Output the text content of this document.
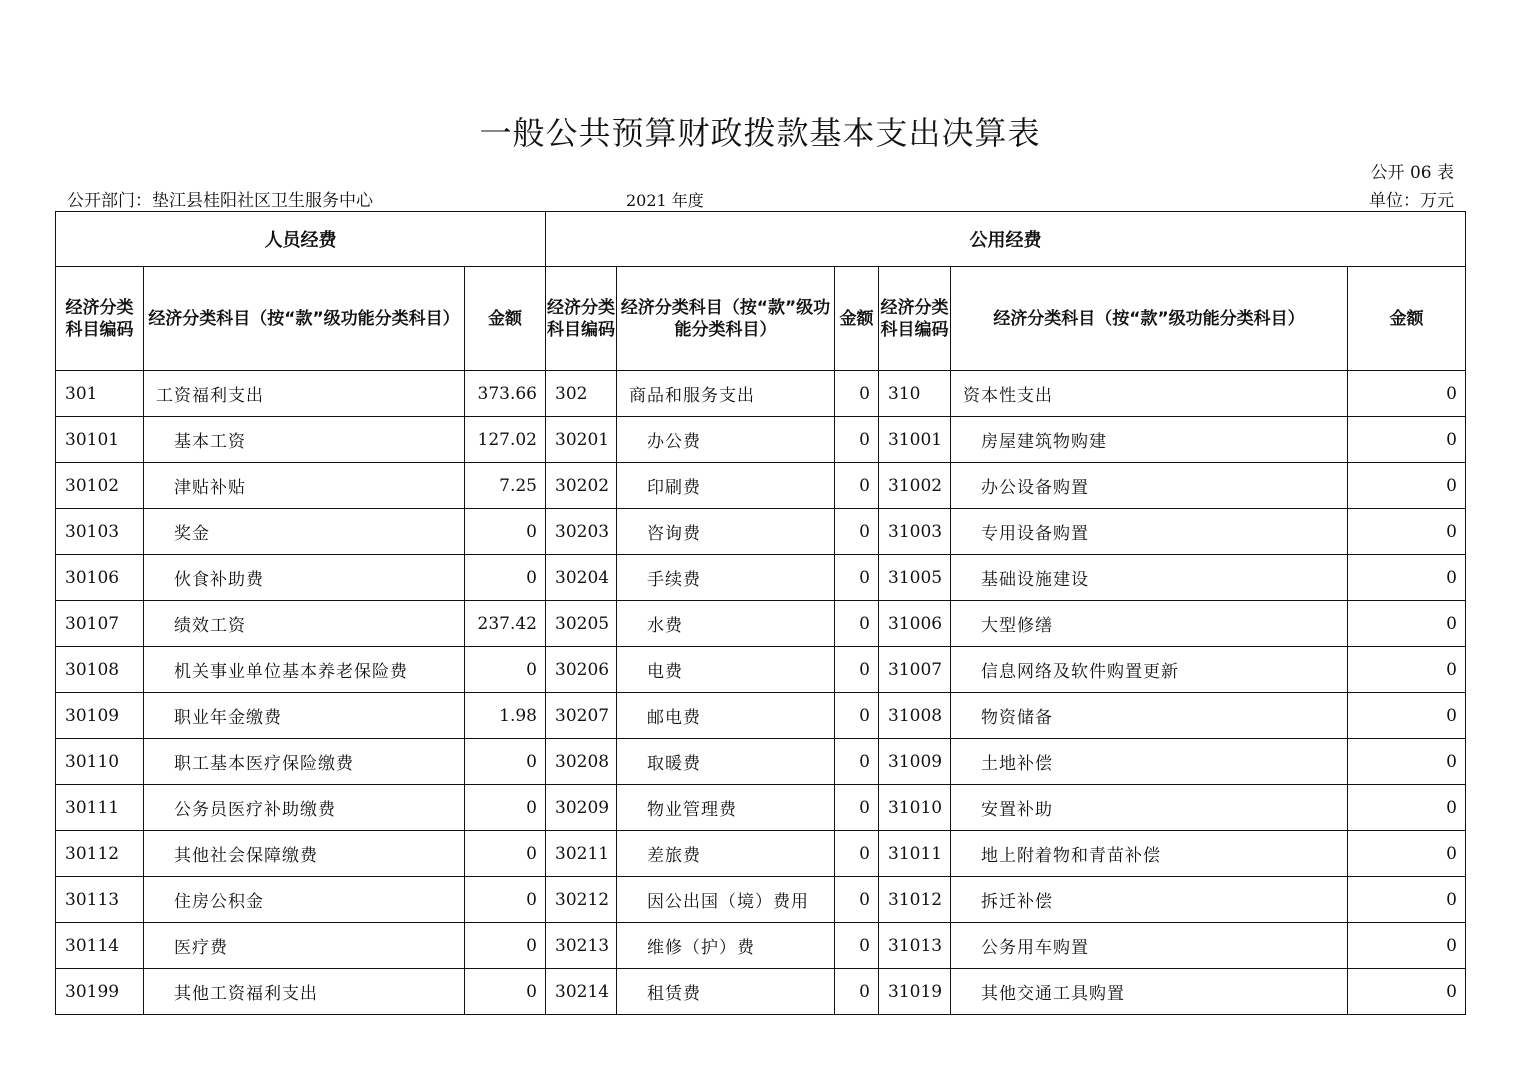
一般公共预算财政拨款基本支出决算表
公开 06 表
公开部门：垫江县桂阳社区卫生服务中心	2021 年度	单位：万元
人员经费			公用经费					
经济分类科目编码	经济分类科目（按“款”级功能分类科目）	金额	经济分类科目编码	经济分类科目（按“款”级功能分类科目）	金额	经济分类科目编码	经济分类科目（按“款”级功能分类科目）	金额
301	工资福利支出	373.66	302	商品和服务支出	0	310	资本性支出	0
30101	基本工资	127.02	30201	办公费	0	31001	房屋建筑物购建	0
30102	津贴补贴	7.25	30202	印刷费	0	31002	办公设备购置	0
30103	奖金	0	30203	咨询费	0	31003	专用设备购置	0
30106	伙食补助费	0	30204	手续费	0	31005	基础设施建设	0
30107	绩效工资	237.42	30205	水费	0	31006	大型修缮	0
30108	机关事业单位基本养老保险费	0	30206	电费	0	31007	信息网络及软件购置更新	0
30109	职业年金缴费	1.98	30207	邮电费	0	31008	物资储备	0
30110	职工基本医疗保险缴费	0	30208	取暖费	0	31009	土地补偿	0
30111	公务员医疗补助缴费	0	30209	物业管理费	0	31010	安置补助	0
30112	其他社会保障缴费	0	30211	差旅费	0	31011	地上附着物和青苗补偿	0
30113	住房公积金	0	30212	因公出国（境）费用	0	31012	拆迁补偿	0
30114	医疗费	0	30213	维修（护）费	0	31013	公务用车购置	0
30199	其他工资福利支出	0	30214	租赁费	0	31019	其他交通工具购置	0
